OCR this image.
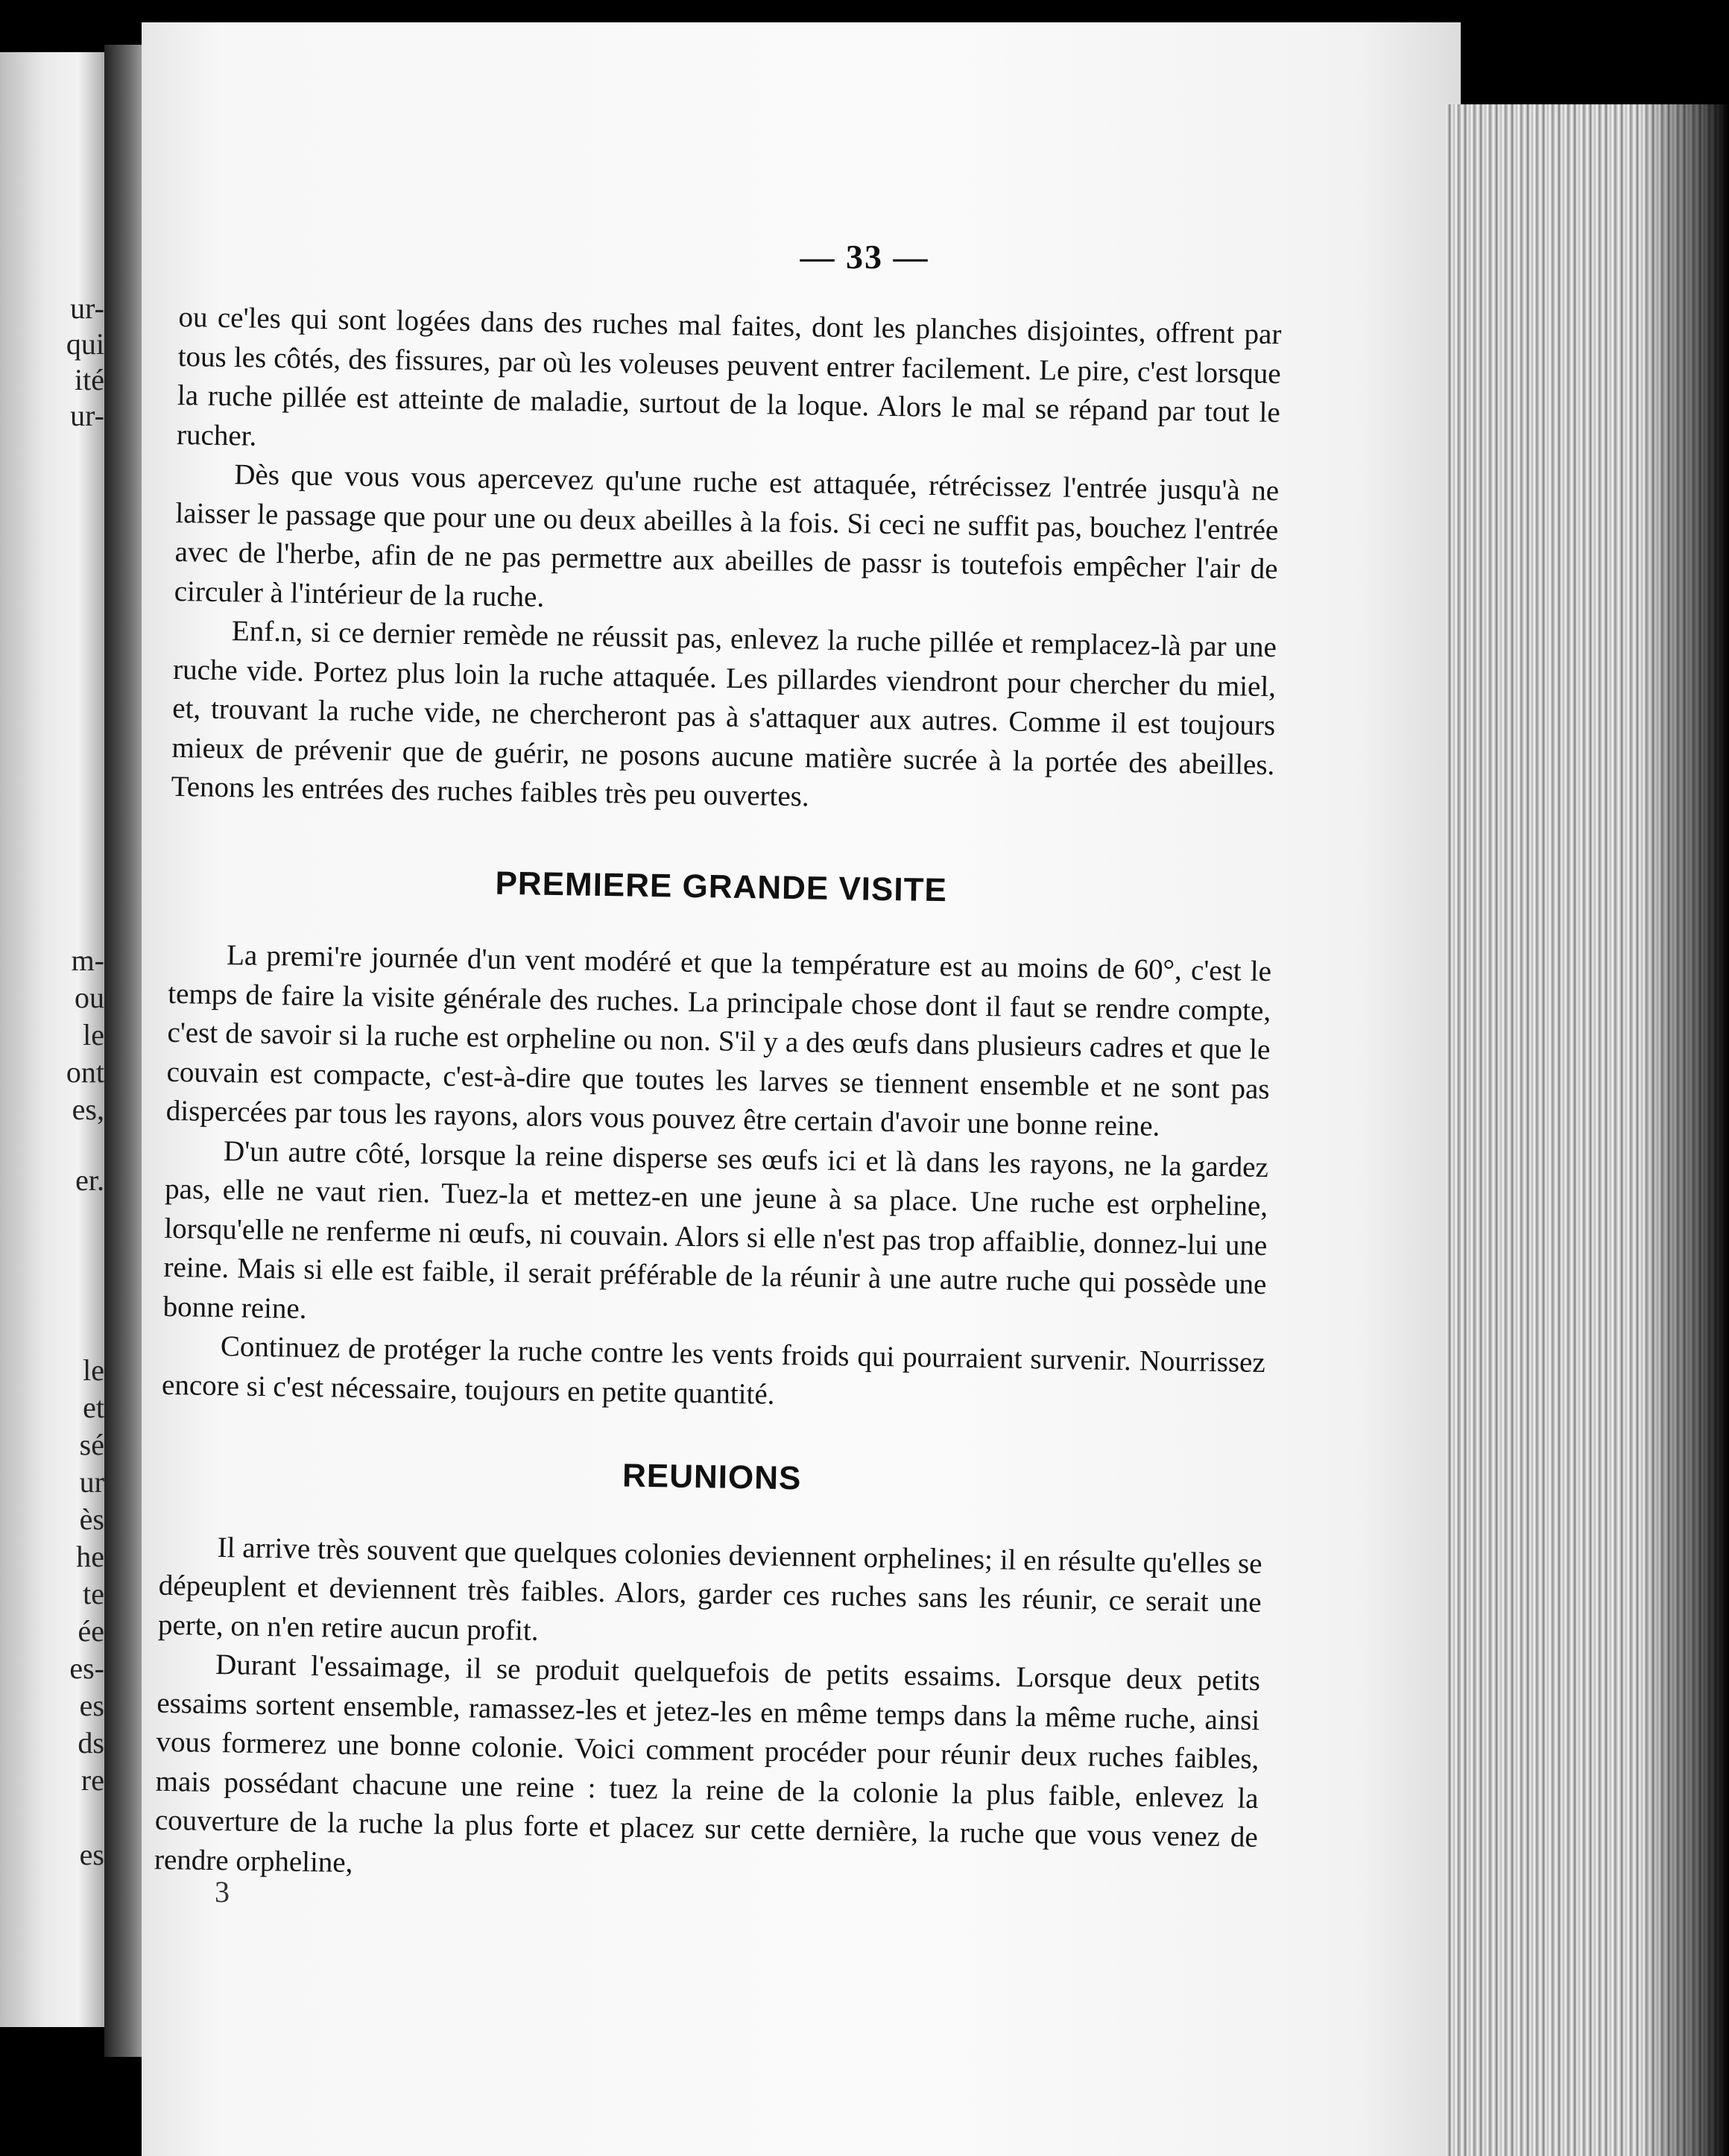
ur-
qui
ité
ur-
m-
ou
le
ont
es,
er.
le
et
sé
ur
ès
he
te
ée
es-
es
ds
re
es
— 33 —

ou ce'les qui sont logées dans des ruches mal faites, dont les planches disjointes, offrent par tous les côtés, des fissures, par où les voleuses peuvent entrer facilement. Le pire, c'est lorsque la ruche pillée est atteinte de maladie, surtout de la loque. Alors le mal se répand par tout le rucher.

Dès que vous vous apercevez qu'une ruche est attaquée, rétrécissez l'entrée jusqu'à ne laisser le passage que pour une ou deux abeilles à la fois. Si ceci ne suffit pas, bouchez l'entrée avec de l'herbe, afin de ne pas permettre aux abeilles de passr is toutefois empêcher l'air de circuler à l'intérieur de la ruche.

Enf.n, si ce dernier remède ne réussit pas, enlevez la ruche pillée et remplacez-là par une ruche vide. Portez plus loin la ruche attaquée. Les pillardes viendront pour chercher du miel, et, trouvant la ruche vide, ne chercheront pas à s'attaquer aux autres. Comme il est toujours mieux de prévenir que de guérir, ne posons aucune matière sucrée à la portée des abeilles. Tenons les entrées des ruches faibles très peu ouvertes.

PREMIERE GRANDE VISITE

La premi're journée d'un vent modéré et que la température est au moins de 60°, c'est le temps de faire la visite générale des ruches. La principale chose dont il faut se rendre compte, c'est de savoir si la ruche est orpheline ou non. S'il y a des œufs dans plusieurs cadres et que le couvain est compacte, c'est-à-dire que toutes les larves se tiennent ensemble et ne sont pas dispercées par tous les rayons, alors vous pouvez être certain d'avoir une bonne reine.

D'un autre côté, lorsque la reine disperse ses œufs ici et là dans les rayons, ne la gardez pas, elle ne vaut rien. Tuez-la et mettez-en une jeune à sa place. Une ruche est orpheline, lorsqu'elle ne renferme ni œufs, ni couvain. Alors si elle n'est pas trop affaiblie, donnez-lui une reine. Mais si elle est faible, il serait préférable de la réunir à une autre ruche qui possède une bonne reine.

Continuez de protéger la ruche contre les vents froids qui pourraient survenir. Nourrissez encore si c'est nécessaire, toujours en petite quantité.

REUNIONS

Il arrive très souvent que quelques colonies deviennent orphelines; il en résulte qu'elles se dépeuplent et deviennent très faibles. Alors, garder ces ruches sans les réunir, ce serait une perte, on n'en retire aucun profit.

Durant l'essaimage, il se produit quelquefois de petits essaims. Lorsque deux petits essaims sortent ensemble, ramassez-les et jetez-les en même temps dans la même ruche, ainsi vous formerez une bonne colonie. Voici comment procéder pour réunir deux ruches faibles, mais possédant chacune une reine : tuez la reine de la colonie la plus faible, enlevez la couverture de la ruche la plus forte et placez sur cette dernière, la ruche que vous venez de rendre orpheline,

3
